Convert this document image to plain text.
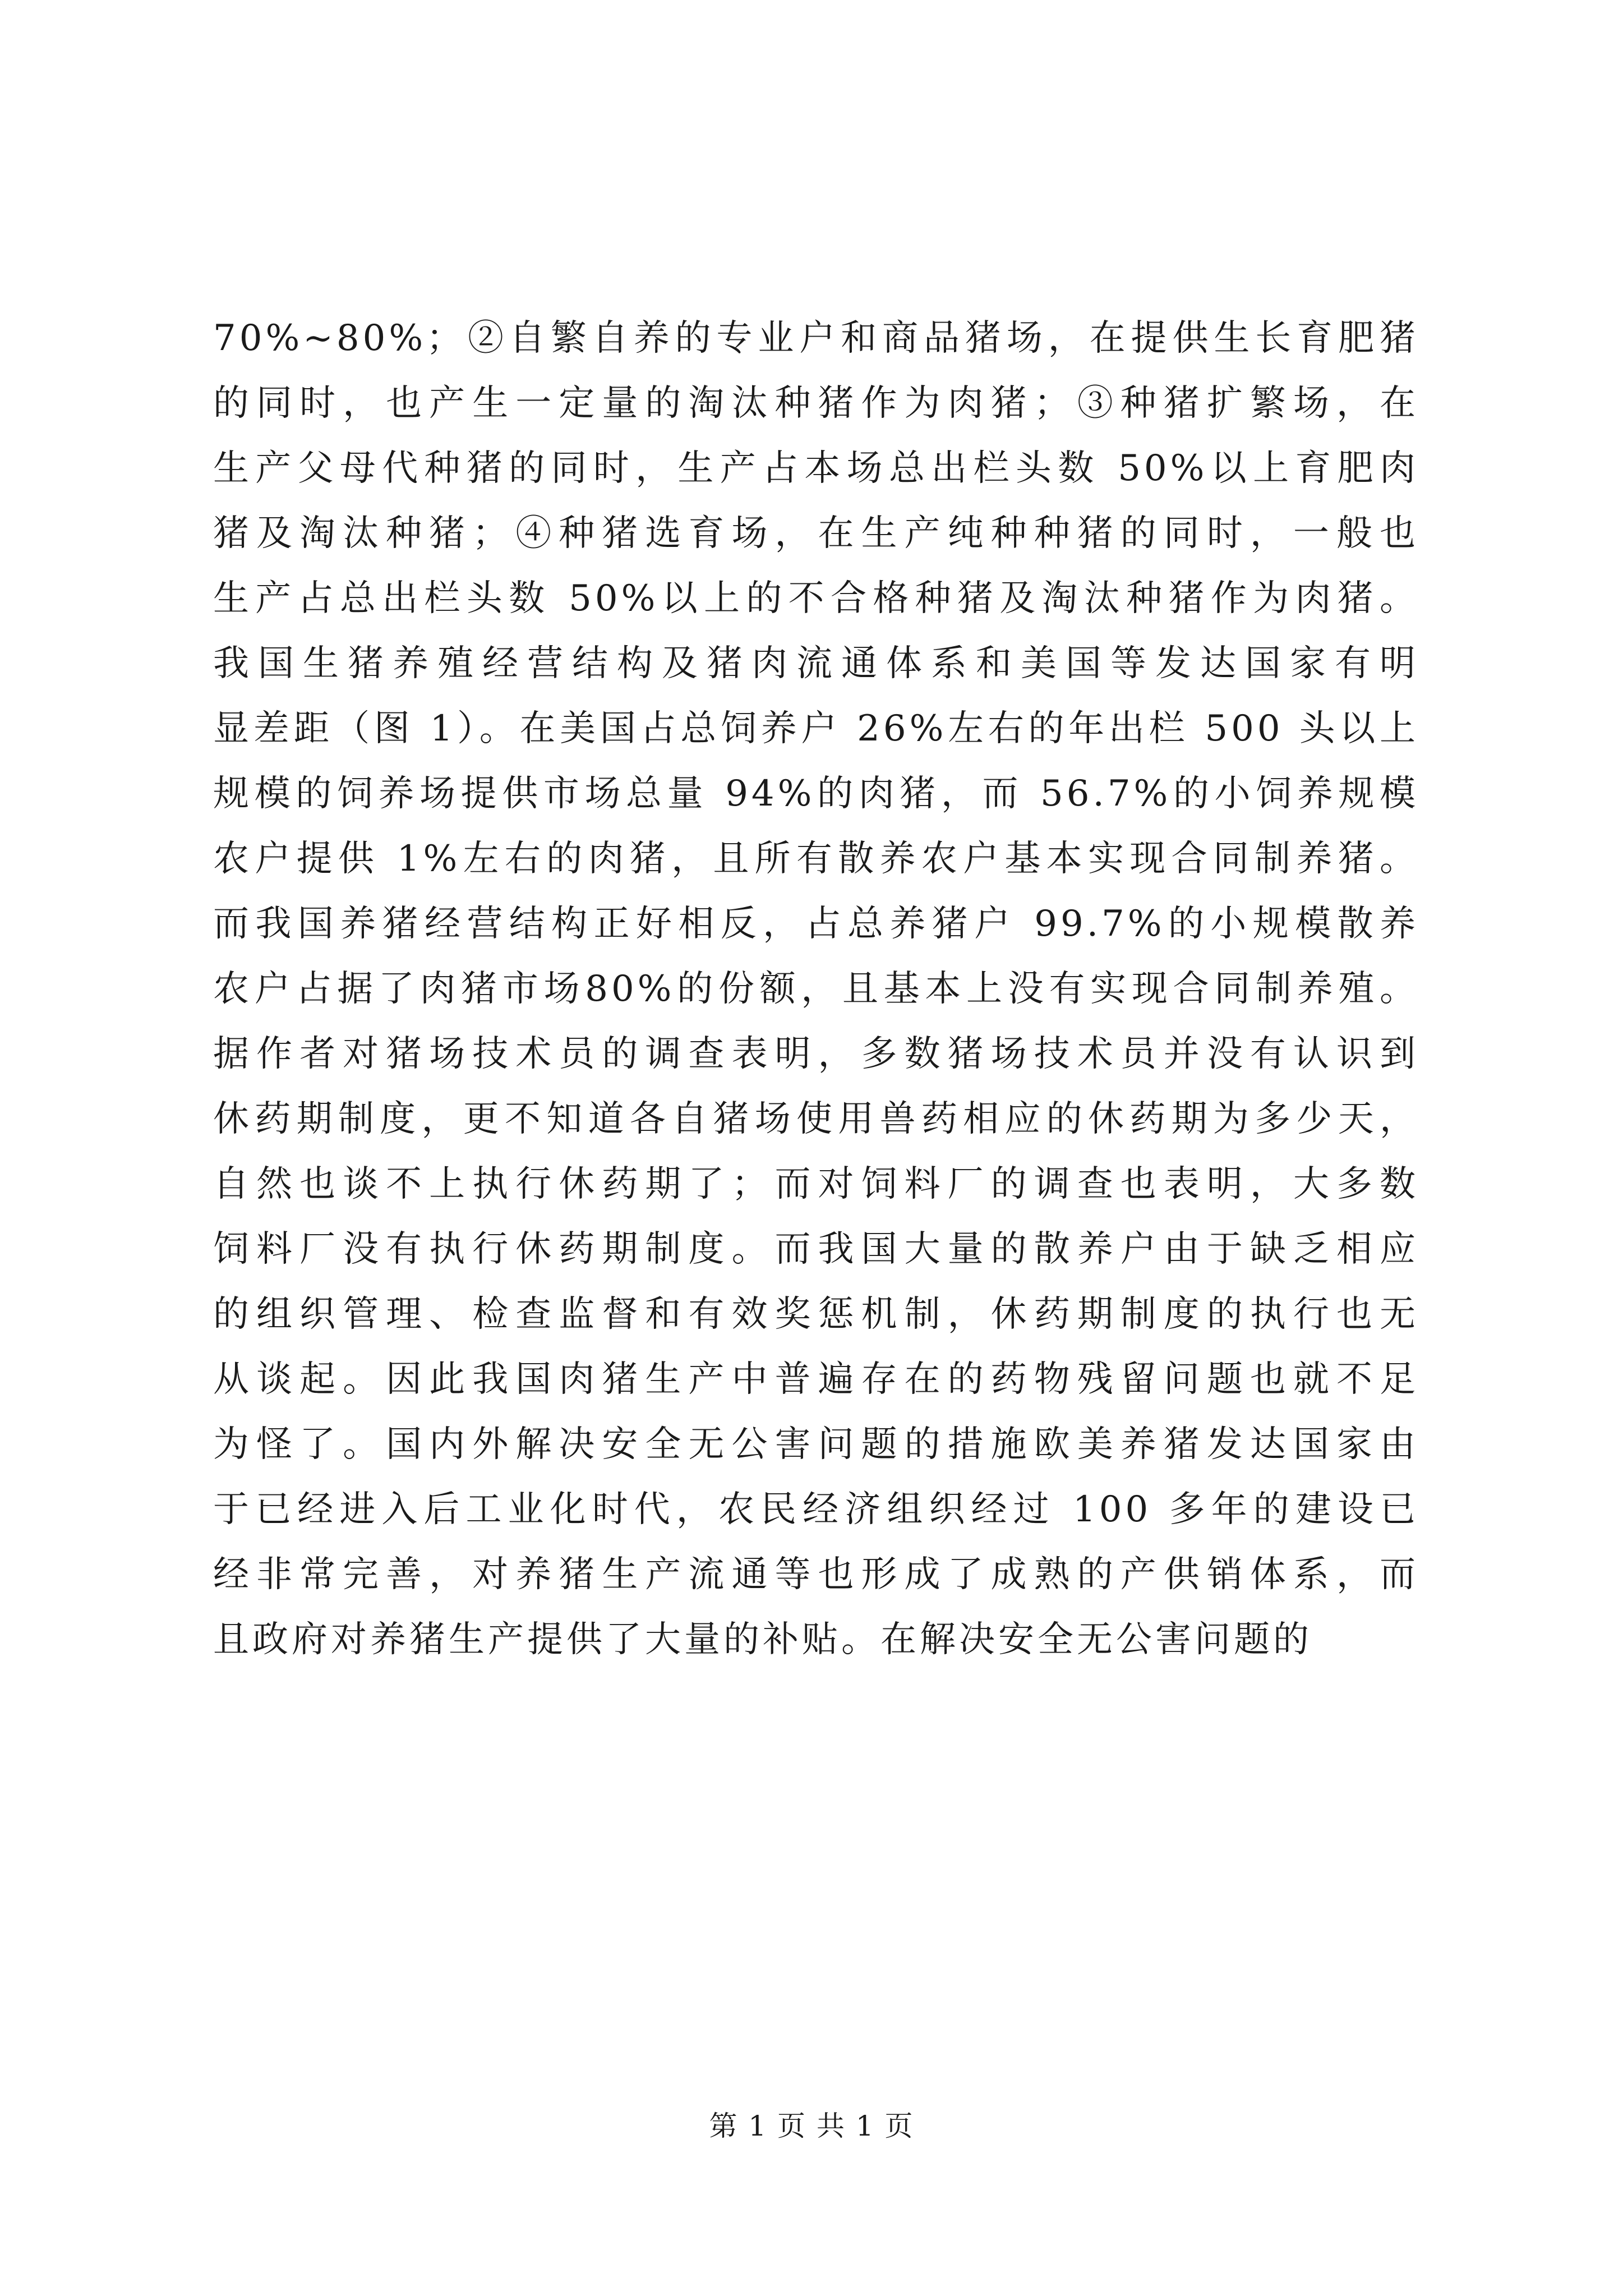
70%~80%；②自繁自养的专业户和商品猪场，在提供生长育肥猪
的同时，也产生一定量的淘汰种猪作为肉猪；③种猪扩繁场，在
生产父母代种猪的同时，生产占本场总出栏头数 50%以上育肥肉
猪及淘汰种猪；④种猪选育场，在生产纯种种猪的同时，一般也
生产占总出栏头数 50%以上的不合格种猪及淘汰种猪作为肉猪。
我国生猪养殖经营结构及猪肉流通体系和美国等发达国家有明
显差距（图 1）。在美国占总饲养户 26%左右的年出栏 500 头以上
规模的饲养场提供市场总量 94%的肉猪，而 56.7%的小饲养规模
农户提供 1%左右的肉猪，且所有散养农户基本实现合同制养猪。
而我国养猪经营结构正好相反，占总养猪户 99.7%的小规模散养
农户占据了肉猪市场80%的份额，且基本上没有实现合同制养殖。
据作者对猪场技术员的调查表明，多数猪场技术员并没有认识到
休药期制度，更不知道各自猪场使用兽药相应的休药期为多少天，
自然也谈不上执行休药期了；而对饲料厂的调查也表明，大多数
饲料厂没有执行休药期制度。而我国大量的散养户由于缺乏相应
的组织管理、检查监督和有效奖惩机制，休药期制度的执行也无
从谈起。因此我国肉猪生产中普遍存在的药物残留问题也就不足
为怪了。国内外解决安全无公害问题的措施欧美养猪发达国家由
于已经进入后工业化时代，农民经济组织经过 100 多年的建设已
经非常完善，对养猪生产流通等也形成了成熟的产供销体系，而
且政府对养猪生产提供了大量的补贴。在解决安全无公害问题的
第 1 页 共 1 页
